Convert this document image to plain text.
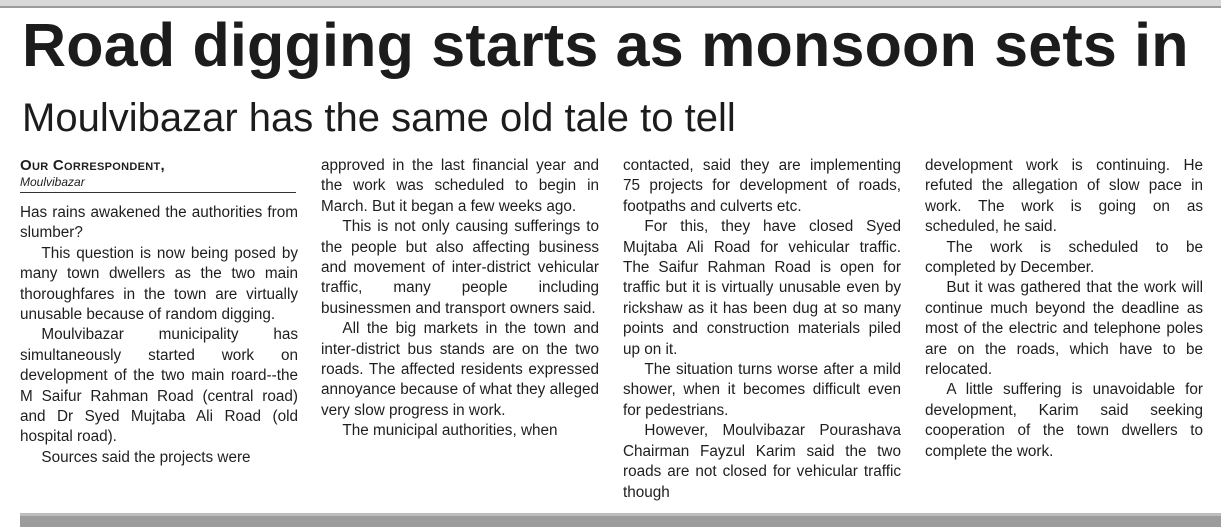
Road digging starts as monsoon sets in
Moulvibazar has the same old tale to tell
Our Correspondent,
Moulvibazar

Has rains awakened the authorities from slumber?

This question is now being posed by many town dwellers as the two main thoroughfares in the town are virtually unusable because of random digging.

Moulvibazar municipality has simultaneously started work on development of the two main roard--the M Saifur Rahman Road (central road) and Dr Syed Mujtaba Ali Road (old hospital road).

Sources said the projects were

approved in the last financial year and the work was scheduled to begin in March. But it began a few weeks ago.

This is not only causing sufferings to the people but also affecting business and movement of inter-district vehicular traffic, many people including businessmen and transport owners said.

All the big markets in the town and inter-district bus stands are on the two roads. The affected residents expressed annoyance because of what they alleged very slow progress in work.

The municipal authorities, when

contacted, said they are implementing 75 projects for development of roads, footpaths and culverts etc.

For this, they have closed Syed Mujtaba Ali Road for vehicular traffic. The Saifur Rahman Road is open for traffic but it is virtually unusable even by rickshaw as it has been dug at so many points and construction materials piled up on it.

The situation turns worse after a mild shower, when it becomes difficult even for pedestrians.

However, Moulvibazar Pourashava Chairman Fayzul Karim said the two roads are not closed for vehicular traffic though

development work is continuing. He refuted the allegation of slow pace in work. The work is going on as scheduled, he said.

The work is scheduled to be completed by December.

But it was gathered that the work will continue much beyond the deadline as most of the electric and telephone poles are on the roads, which have to be relocated.

A little suffering is unavoidable for development, Karim said seeking cooperation of the town dwellers to complete the work.
